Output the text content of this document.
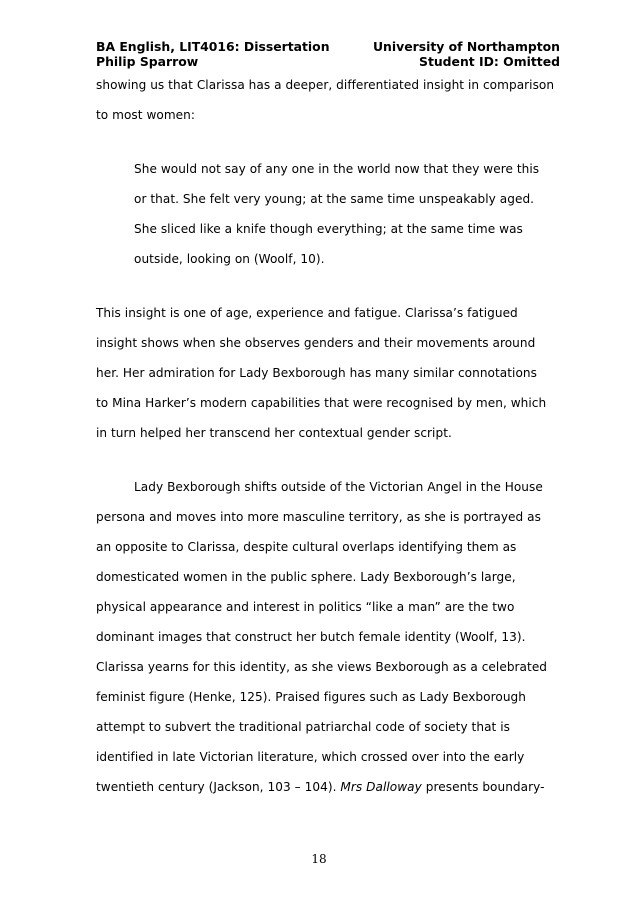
BA English, LIT4016: Dissertation	University of Northampton
Philip Sparrow	Student ID: Omitted
showing us that Clarissa has a deeper, differentiated insight in comparison
to most women:
She would not say of any one in the world now that they were this
or that. She felt very young; at the same time unspeakably aged.
She sliced like a knife though everything; at the same time was
outside, looking on (Woolf, 10).
This insight is one of age, experience and fatigue. Clarissa’s fatigued
insight shows when she observes genders and their movements around
her. Her admiration for Lady Bexborough has many similar connotations
to Mina Harker’s modern capabilities that were recognised by men, which
in turn helped her transcend her contextual gender script.
Lady Bexborough shifts outside of the Victorian Angel in the House
persona and moves into more masculine territory, as she is portrayed as
an opposite to Clarissa, despite cultural overlaps identifying them as
domesticated women in the public sphere. Lady Bexborough’s large,
physical appearance and interest in politics “like a man” are the two
dominant images that construct her butch female identity (Woolf, 13).
Clarissa yearns for this identity, as she views Bexborough as a celebrated
feminist figure (Henke, 125). Praised figures such as Lady Bexborough
attempt to subvert the traditional patriarchal code of society that is
identified in late Victorian literature, which crossed over into the early
twentieth century (Jackson, 103 – 104). Mrs Dalloway presents boundary-
18
